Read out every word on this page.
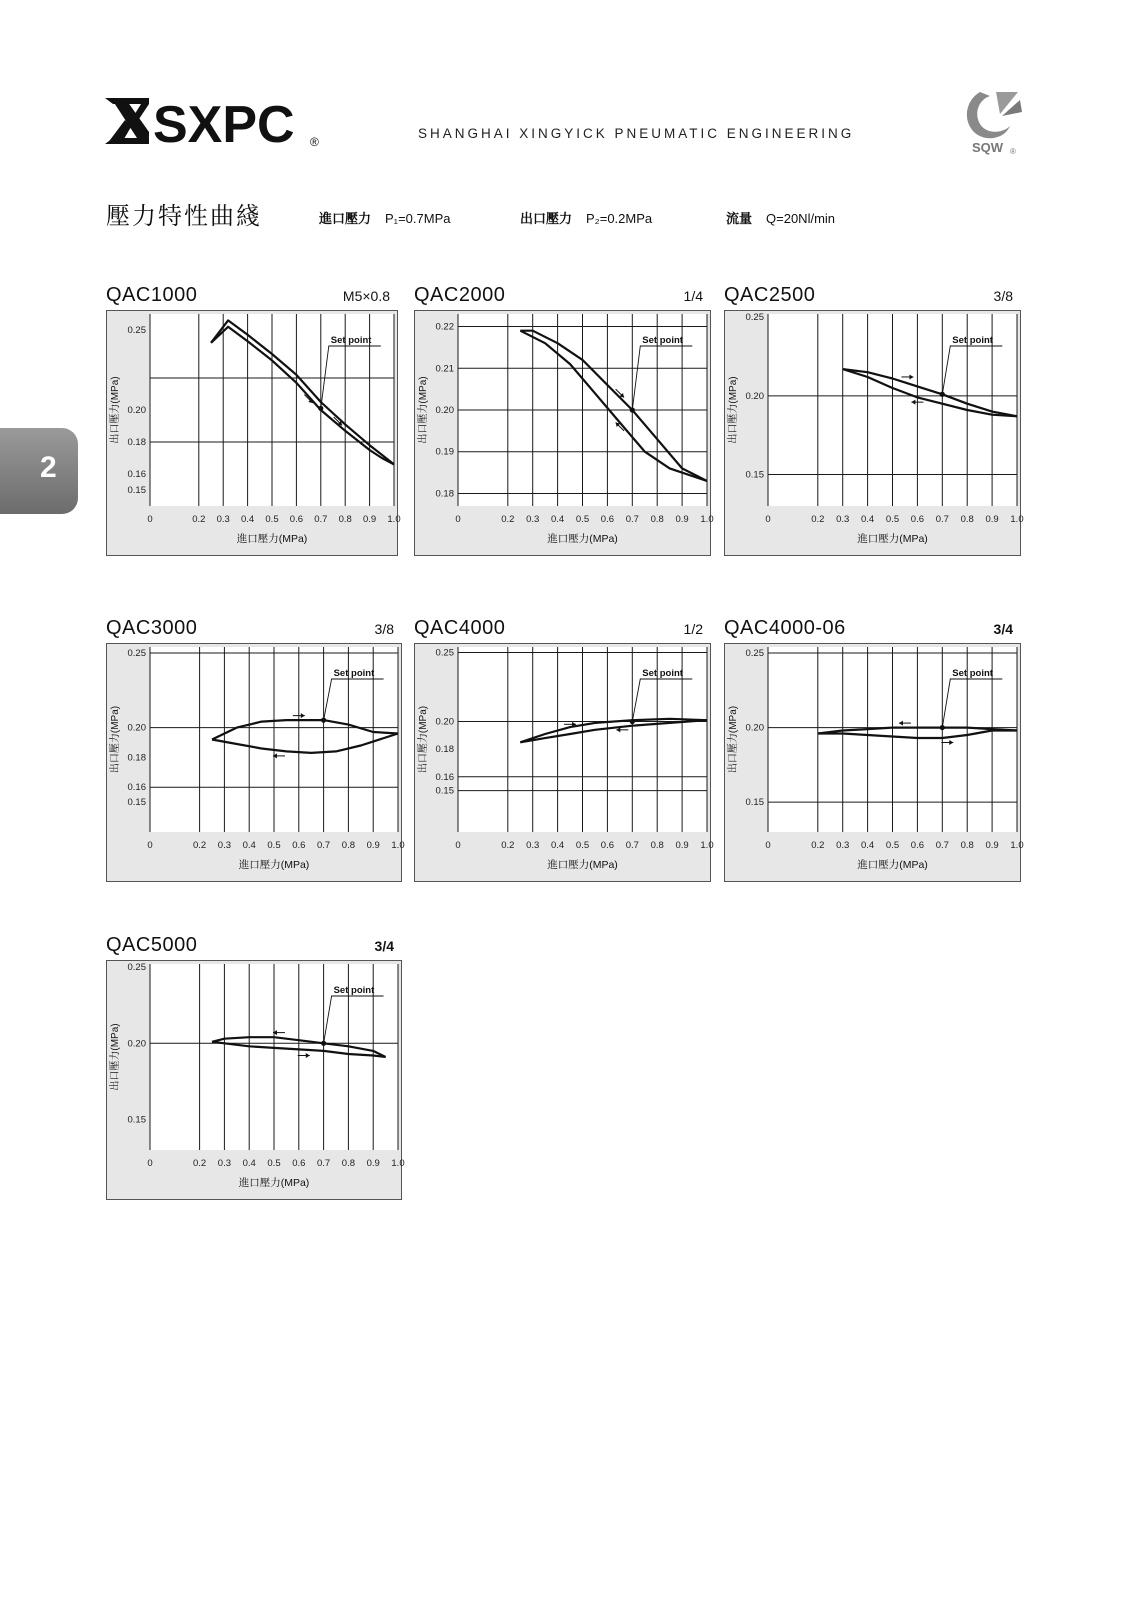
SXPC ®
SHANGHAI XINGYICK PNEUMATIC ENGINEERING
SQW ®
壓力特性曲綫	進口壓力 P₁=0.7MPa	出口壓力 P₂=0.2MPa	流量 Q=20Nl/min
2
QAC1000	M5×0.8
0.25
0.20
0.18
0.16
0.15
0	0.2 0.3 0.4 0.5 0.6 0.7 0.8 0.9 1.0
進口壓力(MPa)
出口壓力(MPa)
Set point
QAC2000	1/4
0.22
0.21
0.20
0.19
0.18
0	0.2 0.3 0.4 0.5 0.6 0.7 0.8 0.9 1.0
進口壓力(MPa)
出口壓力(MPa)
Set point
QAC2500	3/8
0.25
0.20
0.15
0	0.2 0.3 0.4 0.5 0.6 0.7 0.8 0.9 1.0
進口壓力(MPa)
出口壓力(MPa)
Set point
QAC3000	3/8
0.25
0.20
0.18
0.16
0.15
0	0.2 0.3 0.4 0.5 0.6 0.7 0.8 0.9 1.0
進口壓力(MPa)
出口壓力(MPa)
Set point
QAC4000	1/2
0.25
0.20
0.18
0.16
0.15
0	0.2 0.3 0.4 0.5 0.6 0.7 0.8 0.9 1.0
進口壓力(MPa)
出口壓力(MPa)
Set point
QAC4000-06	3/4
0.25
0.20
0.15
0	0.2 0.3 0.4 0.5 0.6 0.7 0.8 0.9 1.0
進口壓力(MPa)
出口壓力(MPa)
Set point
QAC5000	3/4
0.25
0.20
0.15
0	0.2 0.3 0.4 0.5 0.6 0.7 0.8 0.9 1.0
進口壓力(MPa)
出口壓力(MPa)
Set point
